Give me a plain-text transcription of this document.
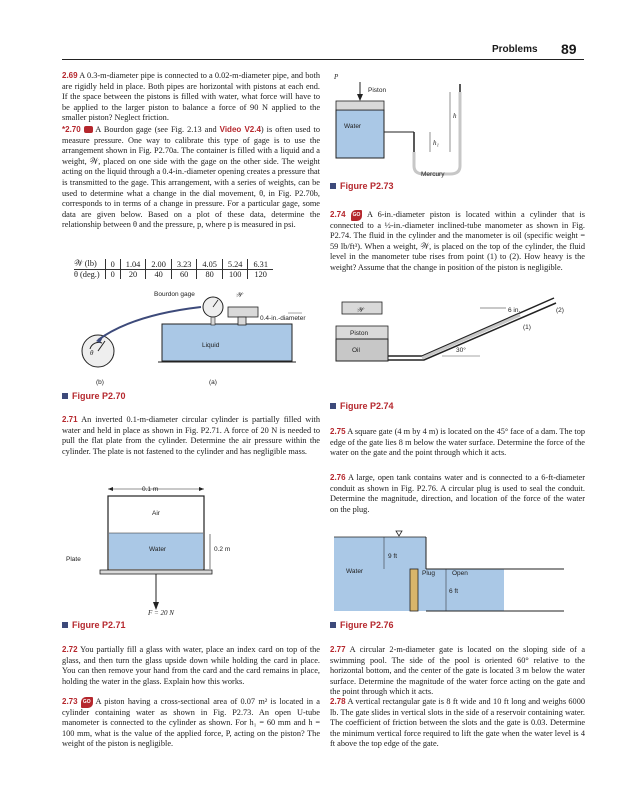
Problems 89

2.69 A 0.3-m-diameter pipe is connected to a 0.02-m-diameter pipe, and both are rigidly held in place. Both pipes are horizontal with pistons at each end. If the space between the pistons is filled with water, what force will have to be applied to the larger piston to balance a force of 90 N applied to the smaller piston? Neglect friction.

*2.70 A Bourdon gage (see Fig. 2.13 and Video V2.4) is often used to measure pressure. One way to calibrate this type of gage is to use the arrangement shown in Fig. P2.70a. The container is filled with a liquid and a weight, 𝒲, placed on one side with the gage on the other side. The weight acting on the liquid through a 0.4-in.-diameter opening creates a pressure that is transmitted to the gage. This arrangement, with a series of weights, can be used to determine what a change in the dial movement, θ, in Fig. P2.70b, corresponds to in terms of a change in pressure. For a particular gage, some data are given below. Based on a plot of these data, determine the relationship between θ and the pressure, p, where p is measured in psi.

𝒲 (lb)	0	1.04	2.00	3.23	4.05	5.24	6.31
θ (deg.)	0	20	40	60	80	100	120
Bourdon gage	𝒲
0.4-in.-diameter
Liquid
θ
(b)	(a)
Figure P2.70

2.71 An inverted 0.1-m-diameter circular cylinder is partially filled with water and held in place as shown in Fig. P2.71. A force of 20 N is needed to pull the flat plate from the cylinder. Determine the air pressure within the cylinder. The plate is not fastened to the cylinder and has negligible mass.

0.1 m
Air
Water	0.2 m
Plate
F = 20 N
Figure P2.71

2.72 You partially fill a glass with water, place an index card on top of the glass, and then turn the glass upside down while holding the card in place. You can then remove your hand from the card and the card remains in place, holding the water in the glass. Explain how this works.

2.73 GO A piston having a cross-sectional area of 0.07 m² is located in a cylinder containing water as shown in Fig. P2.73. An open U-tube manometer is connected to the cylinder as shown. For h₁ = 60 mm and h = 100 mm, what is the value of the applied force, P, acting on the piston? The weight of the piston is negligible.

P
Piston
Water
h₁
h
Mercury
Figure P2.73

2.74 GO A 6-in.-diameter piston is located within a cylinder that is connected to a ½-in.-diameter inclined-tube manometer as shown in Fig. P2.74. The fluid in the cylinder and the manometer is oil (specific weight = 59 lb/ft³). When a weight, 𝒲, is placed on the top of the cylinder, the fluid level in the manometer tube rises from point (1) to (2). How heavy is the weight? Assume that the change in position of the piston is negligible.

𝒲
Piston
Oil
6 in.	(2)
(1)
30°
Figure P2.74

2.75 A square gate (4 m by 4 m) is located on the 45° face of a dam. The top edge of the gate lies 8 m below the water surface. Determine the force of the water on the gate and the point through which it acts.

2.76 A large, open tank contains water and is connected to a 6-ft-diameter conduit as shown in Fig. P2.76. A circular plug is used to seal the conduit. Determine the magnitude, direction, and location of the force of the water on the plug.

9 ft
Water	Plug	Open
6 ft
Figure P2.76

2.77 A circular 2-m-diameter gate is located on the sloping side of a swimming pool. The side of the pool is oriented 60° relative to the horizontal bottom, and the center of the gate is located 3 m below the water surface. Determine the magnitude of the water force acting on the gate and the point through which it acts.

2.78 A vertical rectangular gate is 8 ft wide and 10 ft long and weighs 6000 lb. The gate slides in vertical slots in the side of a reservoir containing water. The coefficient of friction between the slots and the gate is 0.03. Determine the minimum vertical force required to lift the gate when the water level is 4 ft above the top edge of the gate.
